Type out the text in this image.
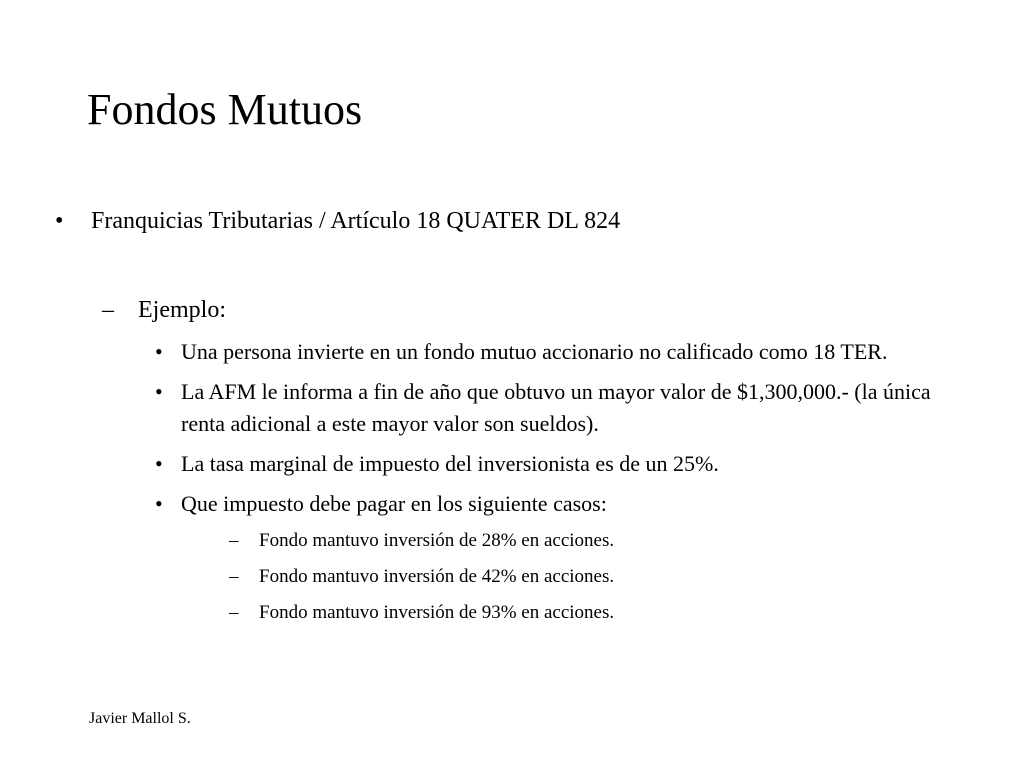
Fondos Mutuos
• Franquicias Tributarias / Artículo 18 QUATER DL 824
– Ejemplo:
• Una persona invierte en un fondo mutuo accionario no calificado como 18 TER.
• La AFM le informa a fin de año que obtuvo un mayor valor de $1,300,000.- (la única renta adicional a este mayor valor son sueldos).
• La tasa marginal de impuesto del inversionista es de un 25%.
• Que impuesto debe pagar en los siguiente casos:
– Fondo mantuvo inversión de 28% en acciones.
– Fondo mantuvo inversión de 42% en acciones.
– Fondo mantuvo inversión de 93% en acciones.
Javier Mallol S.
